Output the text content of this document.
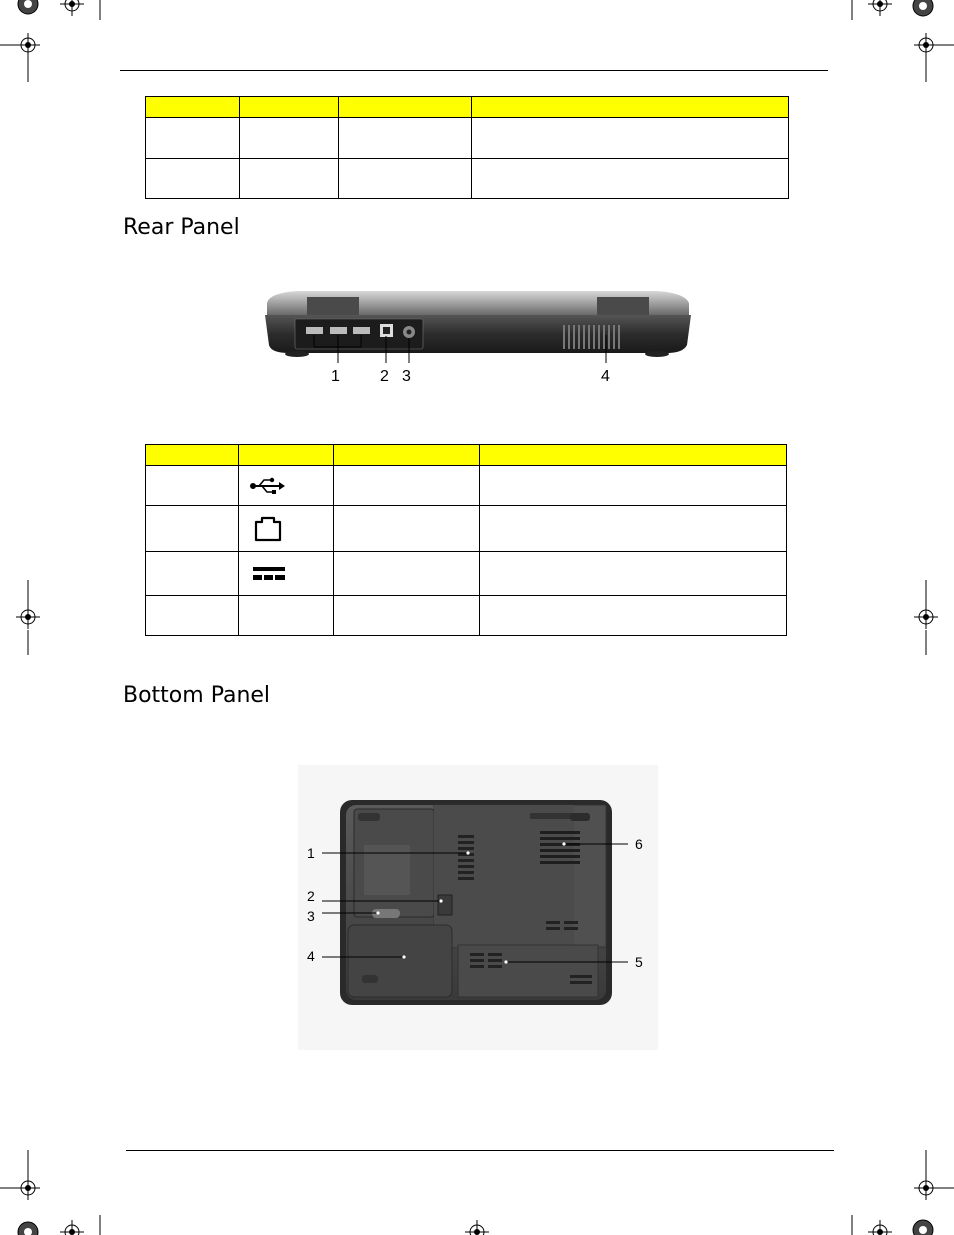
Rear Panel
1	2 3	4

Bottom Panel
1
2
3
4	5
6
